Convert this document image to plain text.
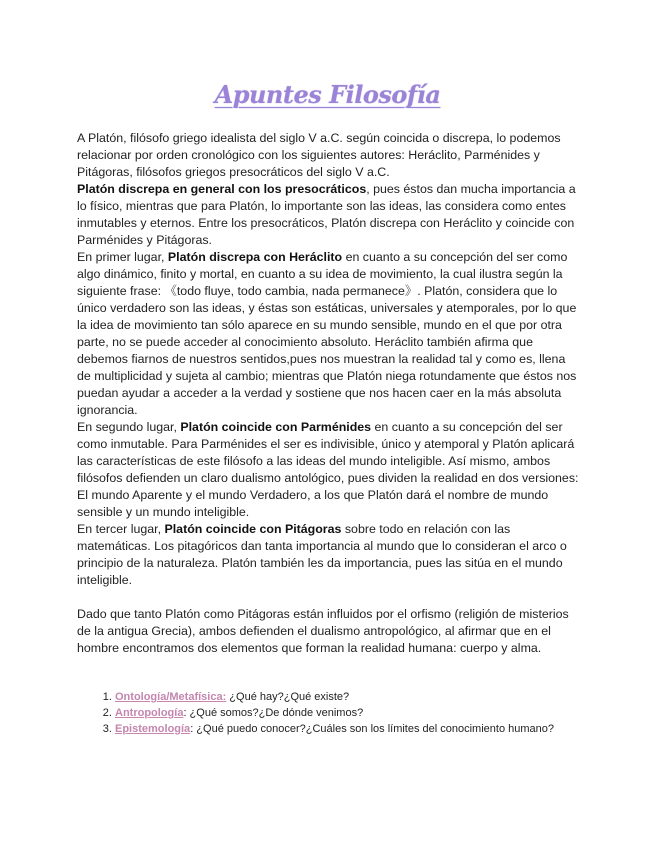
Apuntes Filosofía

A Platón, filósofo griego idealista del siglo V a.C. según coincida o discrepa, lo podemos relacionar por orden cronológico con los siguientes autores: Heráclito, Parménides y Pitágoras, filósofos griegos presocráticos del siglo V a.C.

Platón discrepa en general con los presocráticos, pues éstos dan mucha importancia a lo físico, mientras que para Platón, lo importante son las ideas, las considera como entes inmutables y eternos. Entre los presocráticos, Platón discrepa con Heráclito y coincide con Parménides y Pitágoras.

En primer lugar, Platón discrepa con Heráclito en cuanto a su concepción del ser como algo dinámico, finito y mortal, en cuanto a su idea de movimiento, la cual ilustra según la siguiente frase: 《todo fluye, todo cambia, nada permanece》. Platón, considera que lo único verdadero son las ideas, y éstas son estáticas, universales y atemporales, por lo que la idea de movimiento tan sólo aparece en su mundo sensible, mundo en el que por otra parte, no se puede acceder al conocimiento absoluto. Heráclito también afirma que debemos fiarnos de nuestros sentidos,pues nos muestran la realidad tal y como es, llena de multiplicidad y sujeta al cambio; mientras que Platón niega rotundamente que éstos nos puedan ayudar a acceder a la verdad y sostiene que nos hacen caer en la más absoluta ignorancia.

En segundo lugar, Platón coincide con Parménides en cuanto a su concepción del ser como inmutable. Para Parménides el ser es indivisible, único y atemporal y Platón aplicará las características de este filósofo a las ideas del mundo inteligible. Así mismo, ambos filósofos defienden un claro dualismo antológico, pues dividen la realidad en dos versiones: El mundo Aparente y el mundo Verdadero, a los que Platón dará el nombre de mundo sensible y un mundo inteligible.

En tercer lugar, Platón coincide con Pitágoras sobre todo en relación con las matemáticas. Los pitagóricos dan tanta importancia al mundo que lo consideran el arco o principio de la naturaleza. Platón también les da importancia, pues las sitúa en el mundo inteligible.

Dado que tanto Platón como Pitágoras están influidos por el orfismo (religión de misterios de la antigua Grecia), ambos defienden el dualismo antropológico, al afirmar que en el hombre encontramos dos elementos que forman la realidad humana: cuerpo y alma.

1. Ontología/Metafísica: ¿Qué hay?¿Qué existe?
2. Antropología: ¿Qué somos?¿De dónde venimos?
3. Epistemología: ¿Qué puedo conocer?¿Cuáles son los límites del conocimiento humano?
